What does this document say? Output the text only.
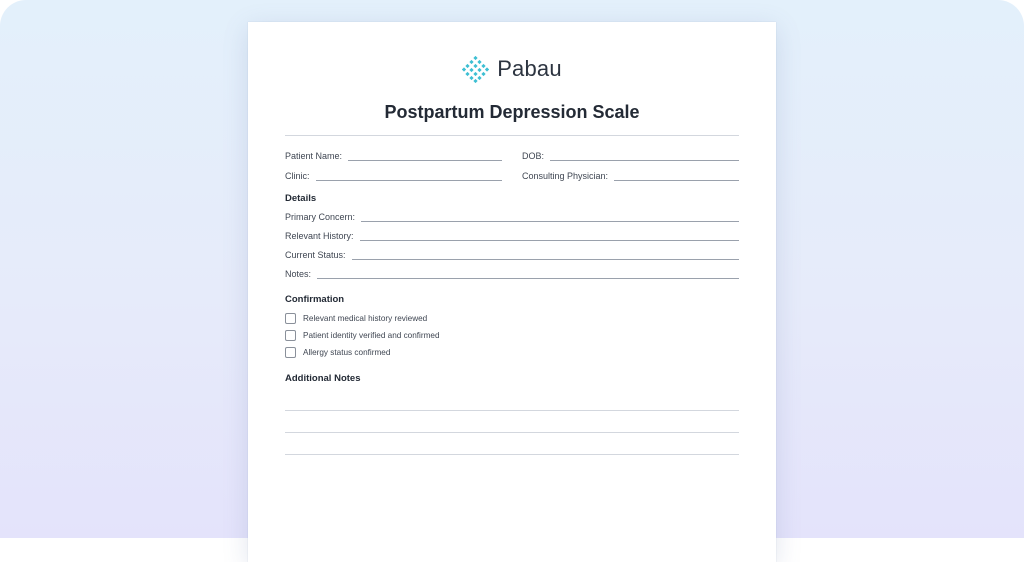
Pabau
Postpartum Depression Scale
Patient Name:	DOB:
Clinic:	Consulting Physician:
Details
Primary Concern:
Relevant History:
Current Status:
Notes:
Confirmation
Relevant medical history reviewed
Patient identity verified and confirmed
Allergy status confirmed
Additional Notes
